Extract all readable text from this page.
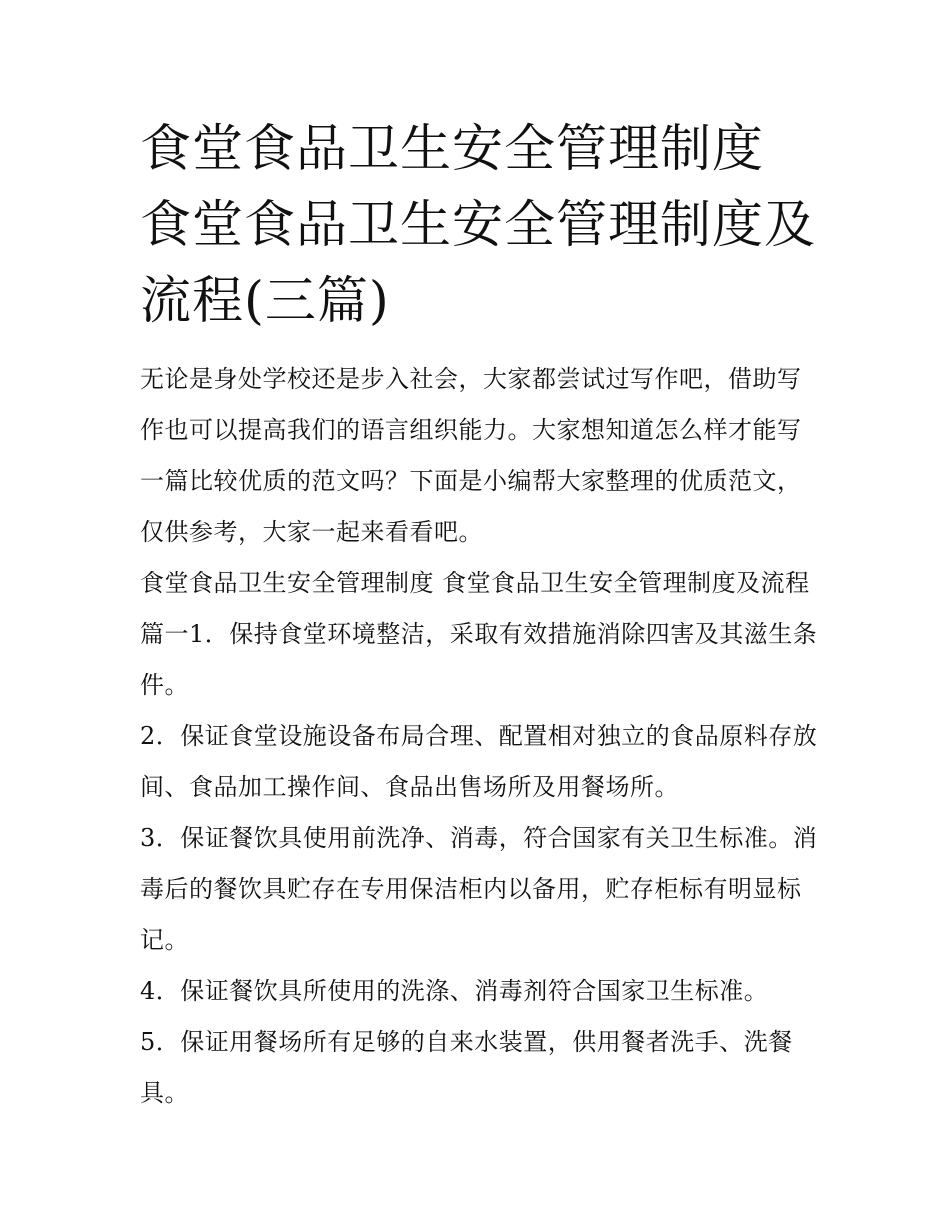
食堂食品卫生安全管理制度 食堂食品卫生安全管理制度及流程(三篇)

无论是身处学校还是步入社会，大家都尝试过写作吧，借助写作也可以提高我们的语言组织能力。大家想知道怎么样才能写一篇比较优质的范文吗？下面是小编帮大家整理的优质范文，仅供参考，大家一起来看看吧。

食堂食品卫生安全管理制度 食堂食品卫生安全管理制度及流程篇一1．保持食堂环境整洁，采取有效措施消除四害及其滋生条件。

2．保证食堂设施设备布局合理、配置相对独立的食品原料存放间、食品加工操作间、食品出售场所及用餐场所。

3．保证餐饮具使用前洗净、消毒，符合国家有关卫生标准。消毒后的餐饮具贮存在专用保洁柜内以备用，贮存柜标有明显标记。

4．保证餐饮具所使用的洗涤、消毒剂符合国家卫生标准。

5．保证用餐场所有足够的自来水装置，供用餐者洗手、洗餐具。
